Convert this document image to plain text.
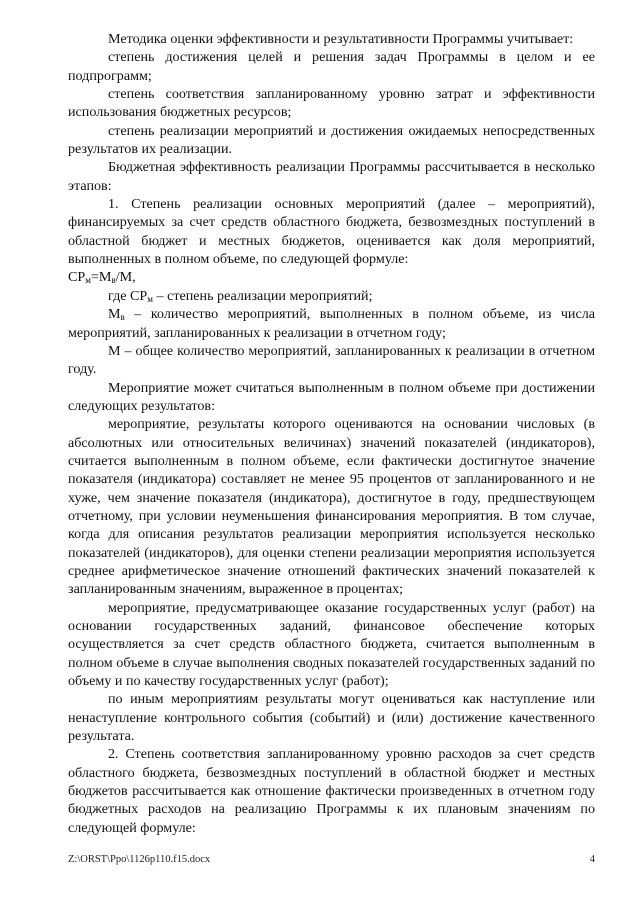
Методика оценки эффективности и результативности Программы учитывает:

степень достижения целей и решения задач Программы в целом и ее подпрограмм;

степень соответствия запланированному уровню затрат и эффективности использования бюджетных ресурсов;

степень реализации мероприятий и достижения ожидаемых непосредственных результатов их реализации.

Бюджетная эффективность реализации Программы рассчитывается в несколько этапов:

1. Степень реализации основных мероприятий (далее – мероприятий), финансируемых за счет средств областного бюджета, безвозмездных поступлений в областной бюджет и местных бюджетов, оценивается как доля мероприятий, выполненных в полном объеме, по следующей формуле:

$СР_м=М_в/М$,

где $СР_м$ – степень реализации мероприятий;

$М_в$ – количество мероприятий, выполненных в полном объеме, из числа мероприятий, запланированных к реализации в отчетном году;

М – общее количество мероприятий, запланированных к реализации в отчетном году.

Мероприятие может считаться выполненным в полном объеме при достижении следующих результатов:

мероприятие, результаты которого оцениваются на основании числовых (в абсолютных или относительных величинах) значений показателей (индикаторов), считается выполненным в полном объеме, если фактически достигнутое значение показателя (индикатора) составляет не менее 95 процентов от запланированного и не хуже, чем значение показателя (индикатора), достигнутое в году, предшествующем отчетному, при условии неуменьшения финансирования мероприятия. В том случае, когда для описания результатов реализации мероприятия используется несколько показателей (индикаторов), для оценки степени реализации мероприятия используется среднее арифметическое значение отношений фактических значений показателей к запланированным значениям, выраженное в процентах;

мероприятие, предусматривающее оказание государственных услуг (работ) на основании государственных заданий, финансовое обеспечение которых осуществляется за счет средств областного бюджета, считается выполненным в полном объеме в случае выполнения сводных показателей государственных заданий по объему и по качеству государственных услуг (работ);

по иным мероприятиям результаты могут оцениваться как наступление или ненаступление контрольного события (событий) и (или) достижение качественного результата.

2. Степень соответствия запланированному уровню расходов за счет средств областного бюджета, безвозмездных поступлений в областной бюджет и местных бюджетов рассчитывается как отношение фактически произведенных в отчетном году бюджетных расходов на реализацию Программы к их плановым значениям по следующей формуле:

Z:\ORST\Ppo\1126p110.f15.docx	4
